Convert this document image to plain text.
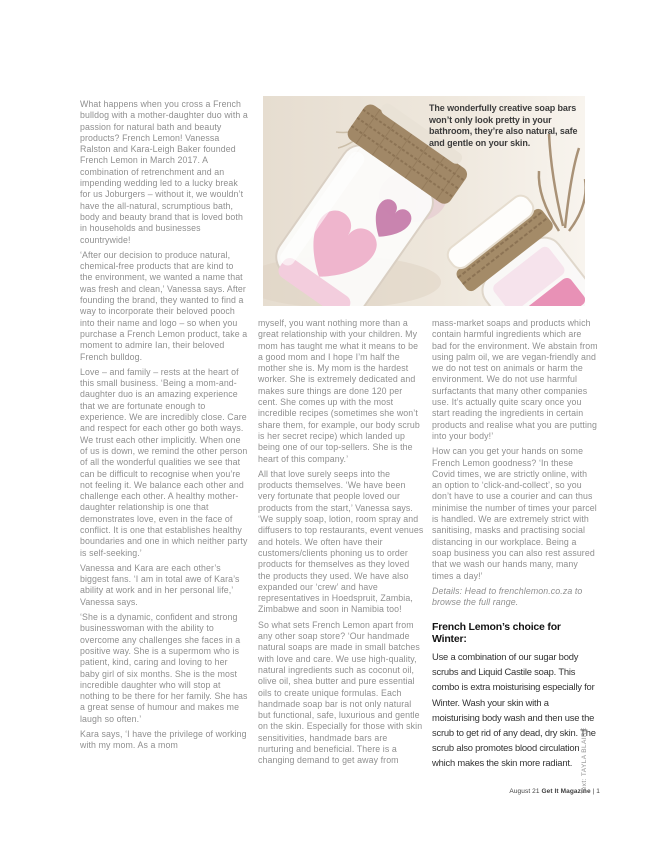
The wonderfully creative soap bars won’t only look pretty in your bathroom, they’re also natural, safe and gentle on your skin.

What happens when you cross a French bulldog with a mother-daughter duo with a passion for natural bath and beauty products? French Lemon! Vanessa Ralston and Kara-Leigh Baker founded French Lemon in March 2017. A combination of retrenchment and an impending wedding led to a lucky break for us Joburgers – without it, we wouldn’t have the all-natural, scrumptious bath, body and beauty brand that is loved both in households and businesses countrywide!

‘After our decision to produce natural, chemical-free products that are kind to the environment, we wanted a name that was fresh and clean,’ Vanessa says. After founding the brand, they wanted to find a way to incorporate their beloved pooch into their name and logo – so when you purchase a French Lemon product, take a moment to admire Ian, their beloved French bulldog.

Love – and family – rests at the heart of this small business. ‘Being a mom-and-daughter duo is an amazing experience that we are fortunate enough to experience. We are incredibly close. Care and respect for each other go both ways. We trust each other implicitly. When one of us is down, we remind the other person of all the wonderful qualities we see that can be difficult to recognise when you’re not feeling it. We balance each other and challenge each other. A healthy mother-daughter relationship is one that demonstrates love, even in the face of conflict. It is one that establishes healthy boundaries and one in which neither party is self-seeking.’

Vanessa and Kara are each other’s biggest fans. ‘I am in total awe of Kara’s ability at work and in her personal life,’ Vanessa says.

‘She is a dynamic, confident and strong businesswoman with the ability to overcome any challenges she faces in a positive way. She is a supermom who is patient, kind, caring and loving to her baby girl of six months. She is the most incredible daughter who will stop at nothing to be there for her family. She has a great sense of humour and makes me laugh so often.’

Kara says, ‘I have the privilege of working with my mom. As a mom

myself, you want nothing more than a great relationship with your children. My mom has taught me what it means to be a good mom and I hope I’m half the mother she is. My mom is the hardest worker. She is extremely dedicated and makes sure things are done 120 per cent. She comes up with the most incredible recipes (sometimes she won’t share them, for example, our body scrub is her secret recipe) which landed up being one of our top-sellers. She is the heart of this company.’

All that love surely seeps into the products themselves. ‘We have been very fortunate that people loved our products from the start,’ Vanessa says. ‘We supply soap, lotion, room spray and diffusers to top restaurants, event venues and hotels. We often have their customers/clients phoning us to order products for themselves as they loved the products they used. We have also expanded our ‘crew’ and have representatives in Hoedspruit, Zambia, Zimbabwe and soon in Namibia too!

So what sets French Lemon apart from any other soap store? ‘Our handmade natural soaps are made in small batches with love and care. We use high-quality, natural ingredients such as coconut oil, olive oil, shea butter and pure essential oils to create unique formulas. Each handmade soap bar is not only natural but functional, safe, luxurious and gentle on the skin. Especially for those with skin sensitivities, handmade bars are nurturing and beneficial. There is a changing demand to get away from

mass-market soaps and products which contain harmful ingredients which are bad for the environment. We abstain from using palm oil, we are vegan-friendly and we do not test on animals or harm the environment. We do not use harmful surfactants that many other companies use. It’s actually quite scary once you start reading the ingredients in certain products and realise what you are putting into your body!’

How can you get your hands on some French Lemon goodness? ‘In these Covid times, we are strictly online, with an option to ‘click-and-collect’, so you don’t have to use a courier and can thus minimise the number of times your parcel is handled. We are extremely strict with sanitising, masks and practising social distancing in our workplace. Being a soap business you can also rest assured that we wash our hands many, many times a day!’

Details: Head to frenchlemon.co.za to browse the full range.

French Lemon’s choice for Winter:

Use a combination of our sugar body scrubs and Liquid Castile soap. This combo is extra moisturising especially for Winter. Wash your skin with a moisturising body wash and then use the scrub to get rid of any dead, dry skin. The scrub also promotes blood circulation which makes the skin more radiant.	Text: TAYLA BLAIRE
August 21 Get It Magazine | 1
